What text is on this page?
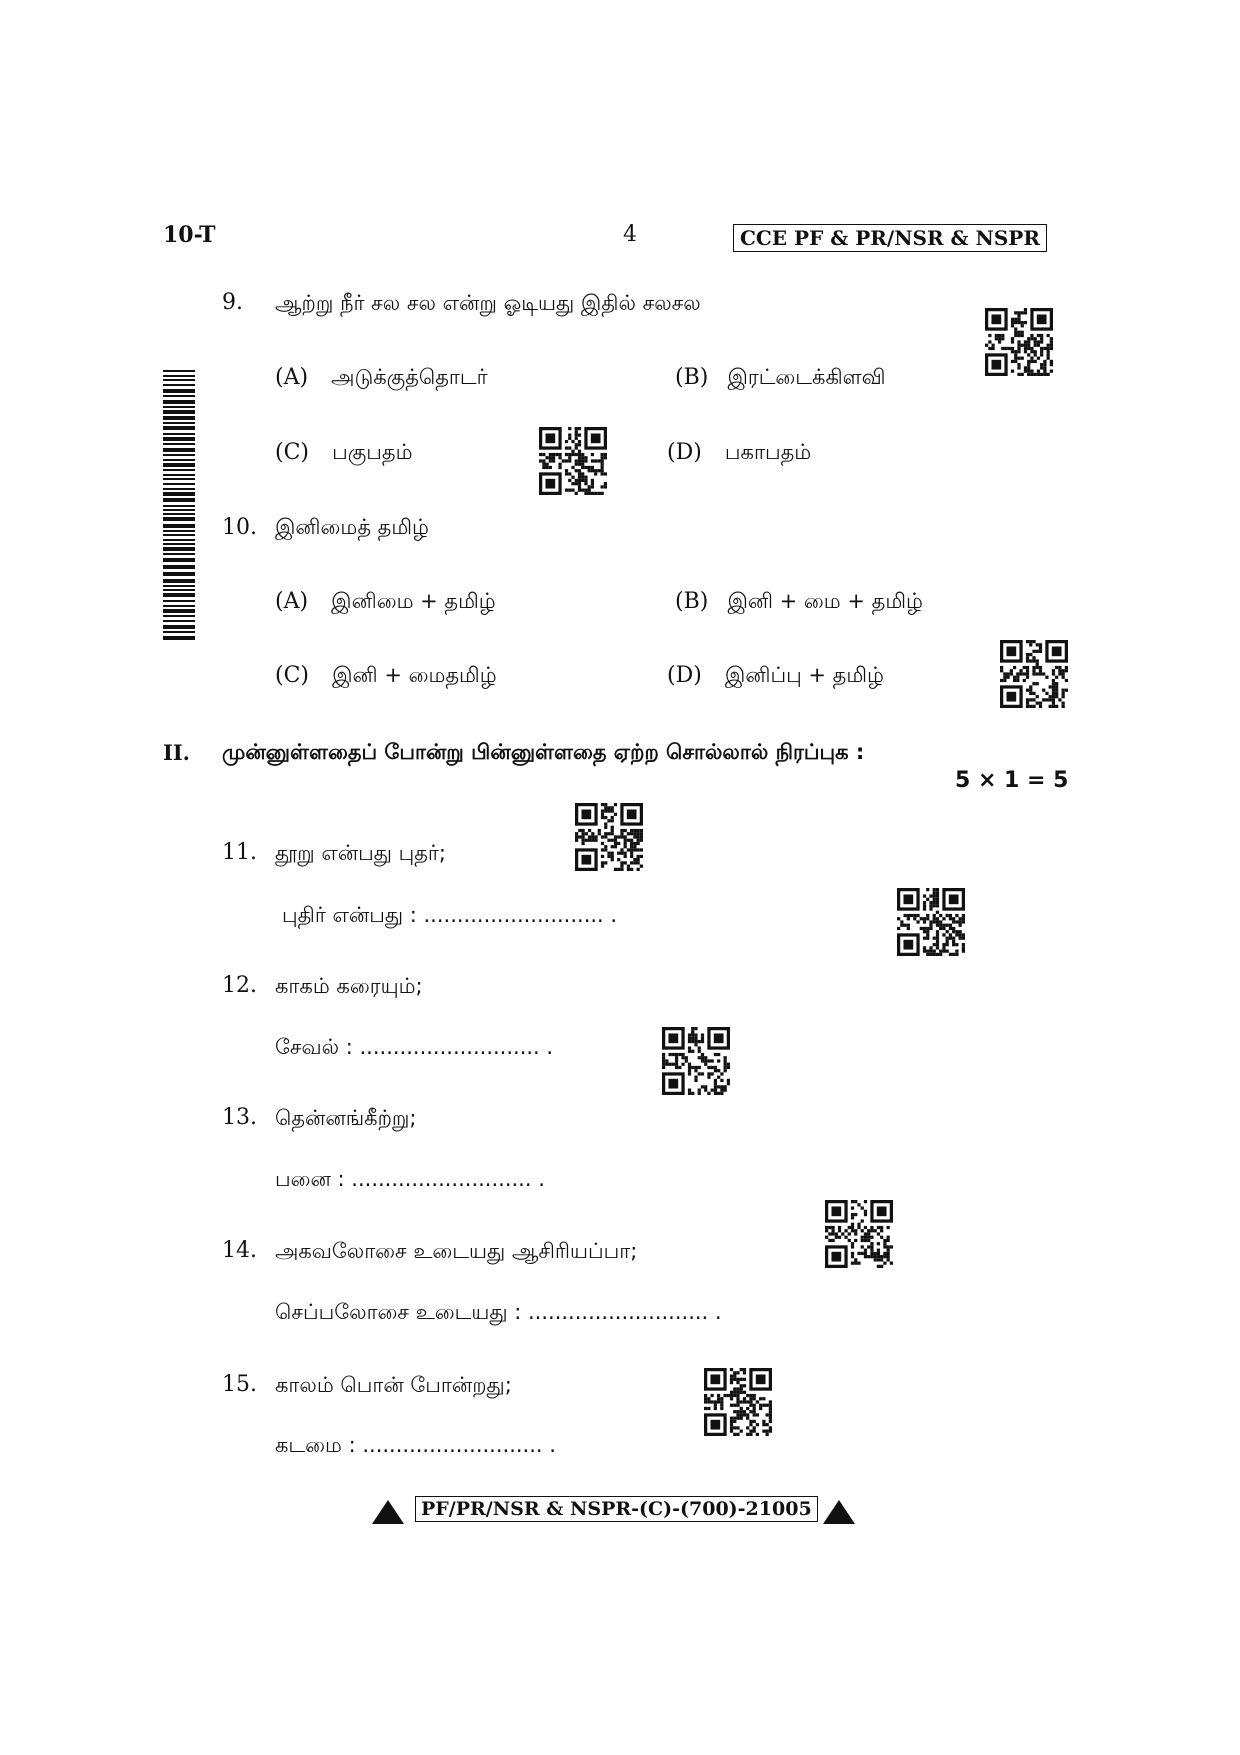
10-T	4	CCE PF & PR/NSR & NSPR
9. ஆற்று நீர் சல சல என்று ஓடியது இதில் சலசல
(A) அடுக்குத்தொடர்	(B) இரட்டைக்கிளவி
(C) பகுபதம்	(D) பகாபதம்
10. இனிமைத் தமிழ்
(A) இனிமை + தமிழ்	(B) இனி + மை + தமிழ்
(C) இனி + மைதமிழ்	(D) இனிப்பு + தமிழ்
II. முன்னுள்ளதைப் போன்று பின்னுள்ளதை ஏற்ற சொல்லால் நிரப்புக :
5 × 1 = 5
11. தூறு என்பது புதர்;
புதிர் என்பது : ........................... .
12. காகம் கரையும்;
சேவல் : ........................... .
13. தென்னங்கீற்று;
பனை : ........................... .
14. அகவலோசை உடையது ஆசிரியப்பா;
செப்பலோசை உடையது : ........................... .
15. காலம் பொன் போன்றது;
கடமை : ........................... .
PF/PR/NSR & NSPR-(C)-(700)-21005
